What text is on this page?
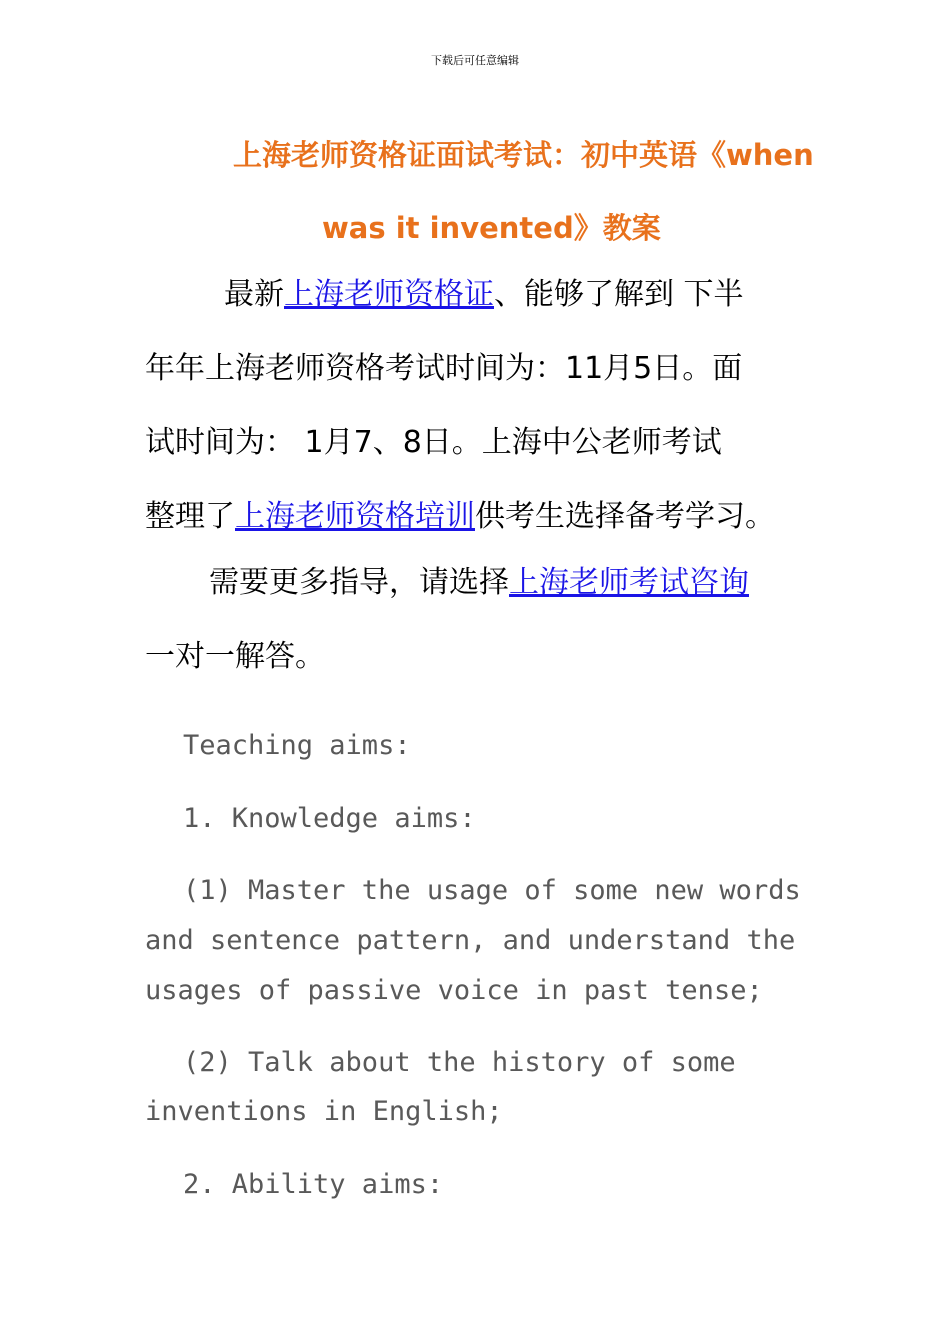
下载后可任意编辑
上海老师资格证面试考试：初中英语《when
was it invented》教案
最新上海老师资格证、能够了解到 下半
年年上海老师资格考试时间为：11月5日。面
试时间为： 1月7、8日。上海中公老师考试
整理了上海老师资格培训供考生选择备考学习。
需要更多指导，请选择上海老师考试咨询
一对一解答。
Teaching aims:
1. Knowledge aims:
(1) Master the usage of some new words
and sentence pattern, and understand the
usages of passive voice in past tense;
(2) Talk about the history of some
inventions in English;
2. Ability aims:
